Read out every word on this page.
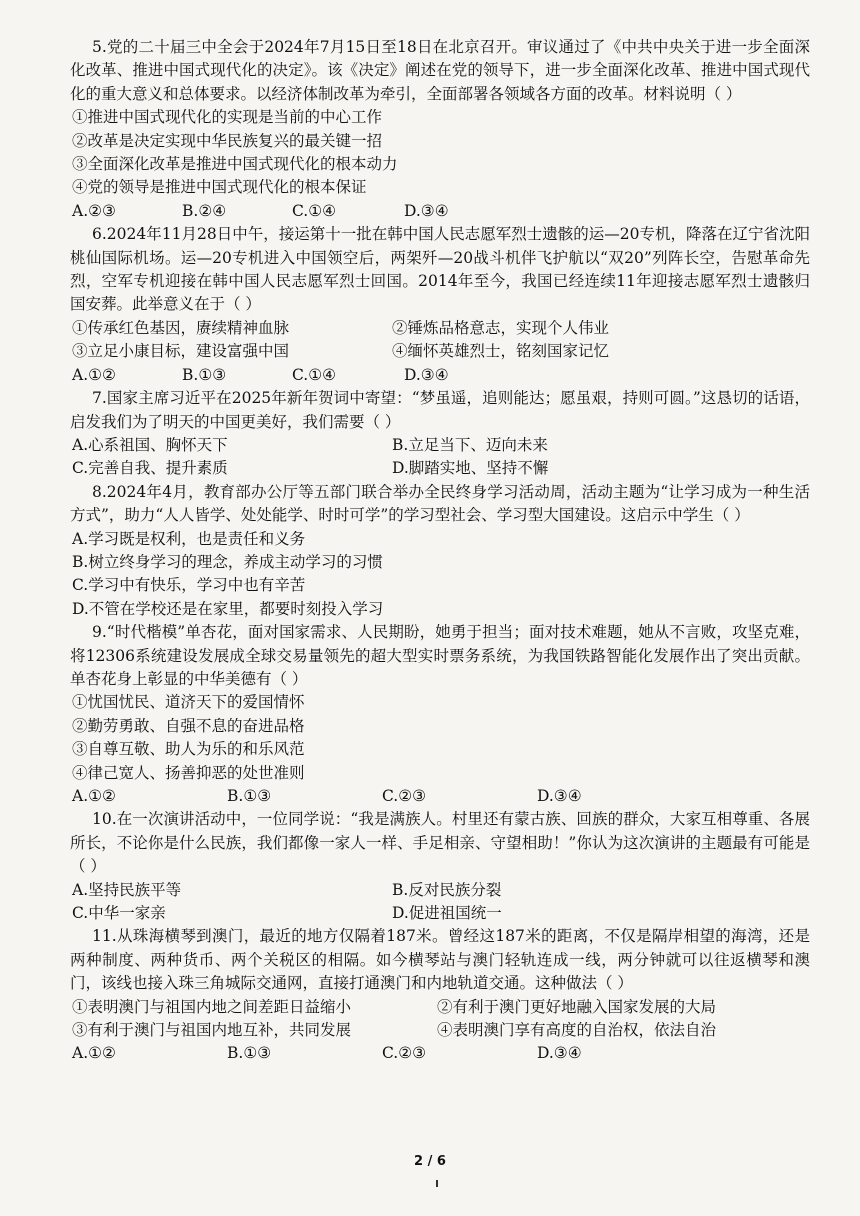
5.党的二十届三中全会于2024年7月15日至18日在北京召开。审议通过了《中共中央关于进一步全面深化改革、推进中国式现代化的决定》。该《决定》阐述在党的领导下，进一步全面深化改革、推进中国式现代化的重大意义和总体要求。以经济体制改革为牵引，全面部署各领域各方面的改革。材料说明（ ）

①推进中国式现代化的实现是当前的中心工作

②改革是决定实现中华民族复兴的最关键一招

③全面深化改革是推进中国式现代化的根本动力

④党的领导是推进中国式现代化的根本保证

A.②③	B.②④	C.①④	D.③④

6.2024年11月28日中午，接运第十一批在韩中国人民志愿军烈士遗骸的运—20专机，降落在辽宁省沈阳桃仙国际机场。运—20专机进入中国领空后，两架歼—20战斗机伴飞护航以“双20”列阵长空，告慰革命先烈，空军专机迎接在韩中国人民志愿军烈士回国。2014年至今，我国已经连续11年迎接志愿军烈士遗骸归国安葬。此举意义在于（ ）

①传承红色基因，赓续精神血脉	②锤炼品格意志，实现个人伟业
③立足小康目标，建设富强中国	④缅怀英雄烈士，铭刻国家记忆
A.①②	B.①③	C.①④	D.③④

7.国家主席习近平在2025年新年贺词中寄望：“梦虽遥，追则能达；愿虽艰，持则可圆。”这恳切的话语，启发我们为了明天的中国更美好，我们需要（ ）

A.心系祖国、胸怀天下	B.立足当下、迈向未来
C.完善自我、提升素质	D.脚踏实地、坚持不懈

8.2024年4月，教育部办公厅等五部门联合举办全民终身学习活动周，活动主题为“让学习成为一种生活方式”，助力“人人皆学、处处能学、时时可学”的学习型社会、学习型大国建设。这启示中学生（ ）

A.学习既是权利，也是责任和义务

B.树立终身学习的理念，养成主动学习的习惯

C.学习中有快乐，学习中也有辛苦

D.不管在学校还是在家里，都要时刻投入学习

9.“时代楷模”单杏花，面对国家需求、人民期盼，她勇于担当；面对技术难题，她从不言败，攻坚克难，将12306系统建设发展成全球交易量领先的超大型实时票务系统，为我国铁路智能化发展作出了突出贡献。单杏花身上彰显的中华美德有（ ）

①忧国忧民、道济天下的爱国情怀

②勤劳勇敢、自强不息的奋进品格

③自尊互敬、助人为乐的和乐风范

④律己宽人、扬善抑恶的处世准则

A.①②	B.①③	C.②③	D.③④

10.在一次演讲活动中，一位同学说：“我是满族人。村里还有蒙古族、回族的群众，大家互相尊重、各展所长，不论你是什么民族，我们都像一家人一样、手足相亲、守望相助！”你认为这次演讲的主题最有可能是（ ）

A.坚持民族平等	B.反对民族分裂
C.中华一家亲	D.促进祖国统一

11.从珠海横琴到澳门，最近的地方仅隔着187米。曾经这187米的距离，不仅是隔岸相望的海湾，还是两种制度、两种货币、两个关税区的相隔。如今横琴站与澳门轻轨连成一线，两分钟就可以往返横琴和澳门，该线也接入珠三角城际交通网，直接打通澳门和内地轨道交通。这种做法（ ）

①表明澳门与祖国内地之间差距日益缩小	②有利于澳门更好地融入国家发展的大局
③有利于澳门与祖国内地互补，共同发展	④表明澳门享有高度的自治权，依法自治
A.①②	B.①③	C.②③	D.③④
2 / 6
